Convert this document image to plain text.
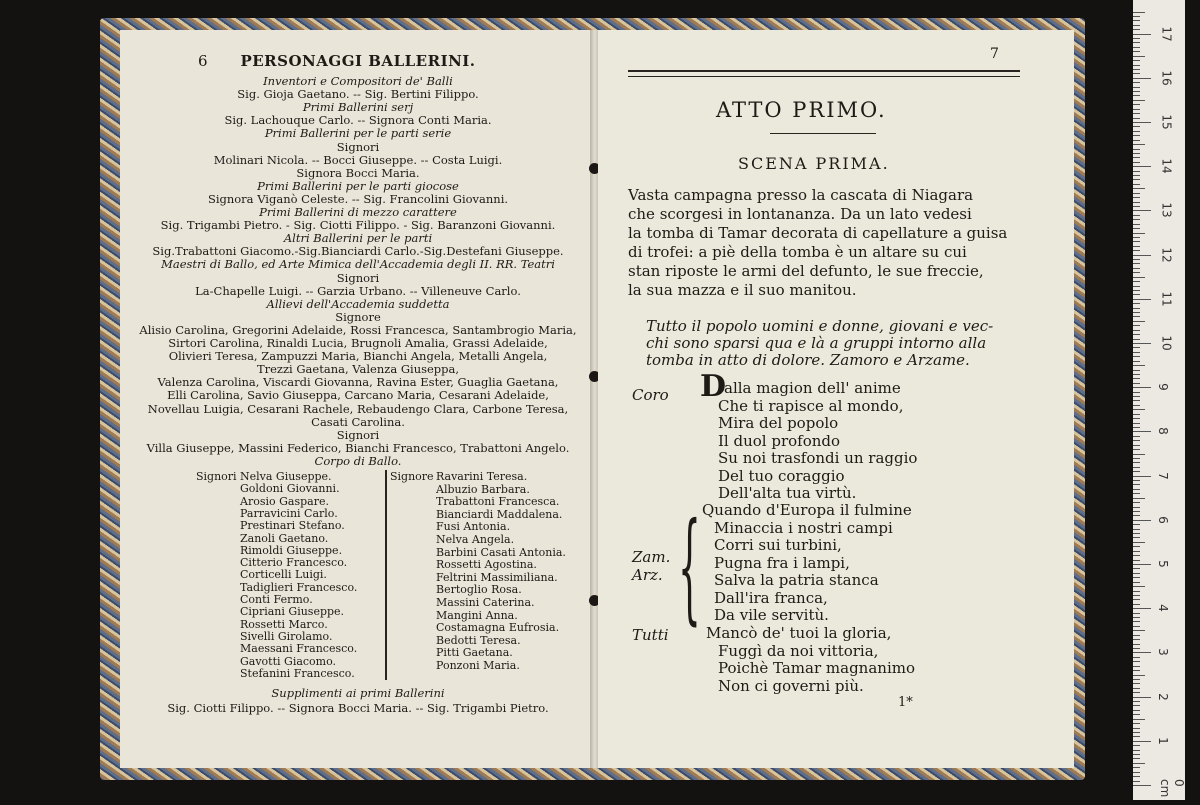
6	PERSONAGGI BALLERINI.
Inventori e Compositori de' Balli
Sig. Gioja Gaetano. -- Sig. Bertini Filippo.
Primi Ballerini serj
Sig. Lachouque Carlo. -- Signora Conti Maria.
Primi Ballerini per le parti serie
Signori
Molinari Nicola. -- Bocci Giuseppe. -- Costa Luigi.
Signora Bocci Maria.
Primi Ballerini per le parti giocose
Signora Viganò Celeste. -- Sig. Francolini Giovanni.
Primi Ballerini di mezzo carattere
Sig. Trigambi Pietro. - Sig. Ciotti Filippo. - Sig. Baranzoni Giovanni.
Altri Ballerini per le parti
Sig.Trabattoni Giacomo.-Sig.Bianciardi Carlo.-Sig.Destefani Giuseppe.
Maestri di Ballo, ed Arte Mimica dell'Accademia degli II. RR. Teatri
Signori
La-Chapelle Luigi. -- Garzia Urbano. -- Villeneuve Carlo.
Allievi dell'Accademia suddetta
Signore
Alisio Carolina, Gregorini Adelaide, Rossi Francesca, Santambrogio Maria,
Sirtori Carolina, Rinaldi Lucia, Brugnoli Amalia, Grassi Adelaide,
Olivieri Teresa, Zampuzzi Maria, Bianchi Angela, Metalli Angela,
Trezzi Gaetana, Valenza Giuseppa,
Valenza Carolina, Viscardi Giovanna, Ravina Ester, Guaglia Gaetana,
Elli Carolina, Savio Giuseppa, Carcano Maria, Cesarani Adelaide,
Novellau Luigia, Cesarani Rachele, Rebaudengo Clara, Carbone Teresa,
Casati Carolina.
Signori
Villa Giuseppe, Massini Federico, Bianchi Francesco, Trabattoni Angelo.
Corpo di Ballo.
Signori Nelva Giuseppe.
Goldoni Giovanni.
Arosio Gaspare.
Parravicini Carlo.
Prestinari Stefano.
Zanoli Gaetano.
Rimoldi Giuseppe.
Citterio Francesco.
Corticelli Luigi.
Tadiglieri Francesco.
Conti Fermo.
Cipriani Giuseppe.
Rossetti Marco.
Sivelli Girolamo.
Maessani Francesco.
Gavotti Giacomo.
Stefanini Francesco.
Signore Ravarini Teresa.
Albuzio Barbara.
Trabattoni Francesca.
Bianciardi Maddalena.
Fusi Antonia.
Nelva Angela.
Barbini Casati Antonia.
Rossetti Agostina.
Feltrini Massimiliana.
Bertoglio Rosa.
Massini Caterina.
Mangini Anna.
Costamagna Eufrosia.
Bedotti Teresa.
Pitti Gaetana.
Ponzoni Maria.
Supplimenti ai primi Ballerini
Sig. Ciotti Filippo. -- Signora Bocci Maria. -- Sig. Trigambi Pietro.
7
ATTO PRIMO.
SCENA PRIMA.
Vasta campagna presso la cascata di Niagara
che scorgesi in lontananza. Da un lato vedesi
la tomba di Tamar decorata di capellature a guisa
di trofei: a piè della tomba è un altare su cui
stan riposte le armi del defunto, le sue freccie,
la sua mazza e il suo manitou.
Tutto il popolo uomini e donne, giovani e vec-
chi sono sparsi qua e là a gruppi intorno alla
tomba in atto di dolore. Zamoro e Arzame.
Coro D
alla magion dell' anime
Che ti rapisce al mondo,
Mira del popolo
Il duol profondo
Su noi trasfondi un raggio
Del tuo coraggio
Dell'alta tua virtù.
Zam.
Arz. { Quando d'Europa il fulmine
Minaccia i nostri campi
Corri sui turbini,
Pugna fra i lampi,
Salva la patria stanca
Dall'ira franca,
Da vile servitù.
Tutti Mancò de' tuoi la gloria,
Fuggì da noi vittoria,
Poichè Tamar magnanimo
Non ci governi più.
1*
17
16
15
14
13
12
11
10
9
8
7
6
5
4
3
2
1
0 cm
